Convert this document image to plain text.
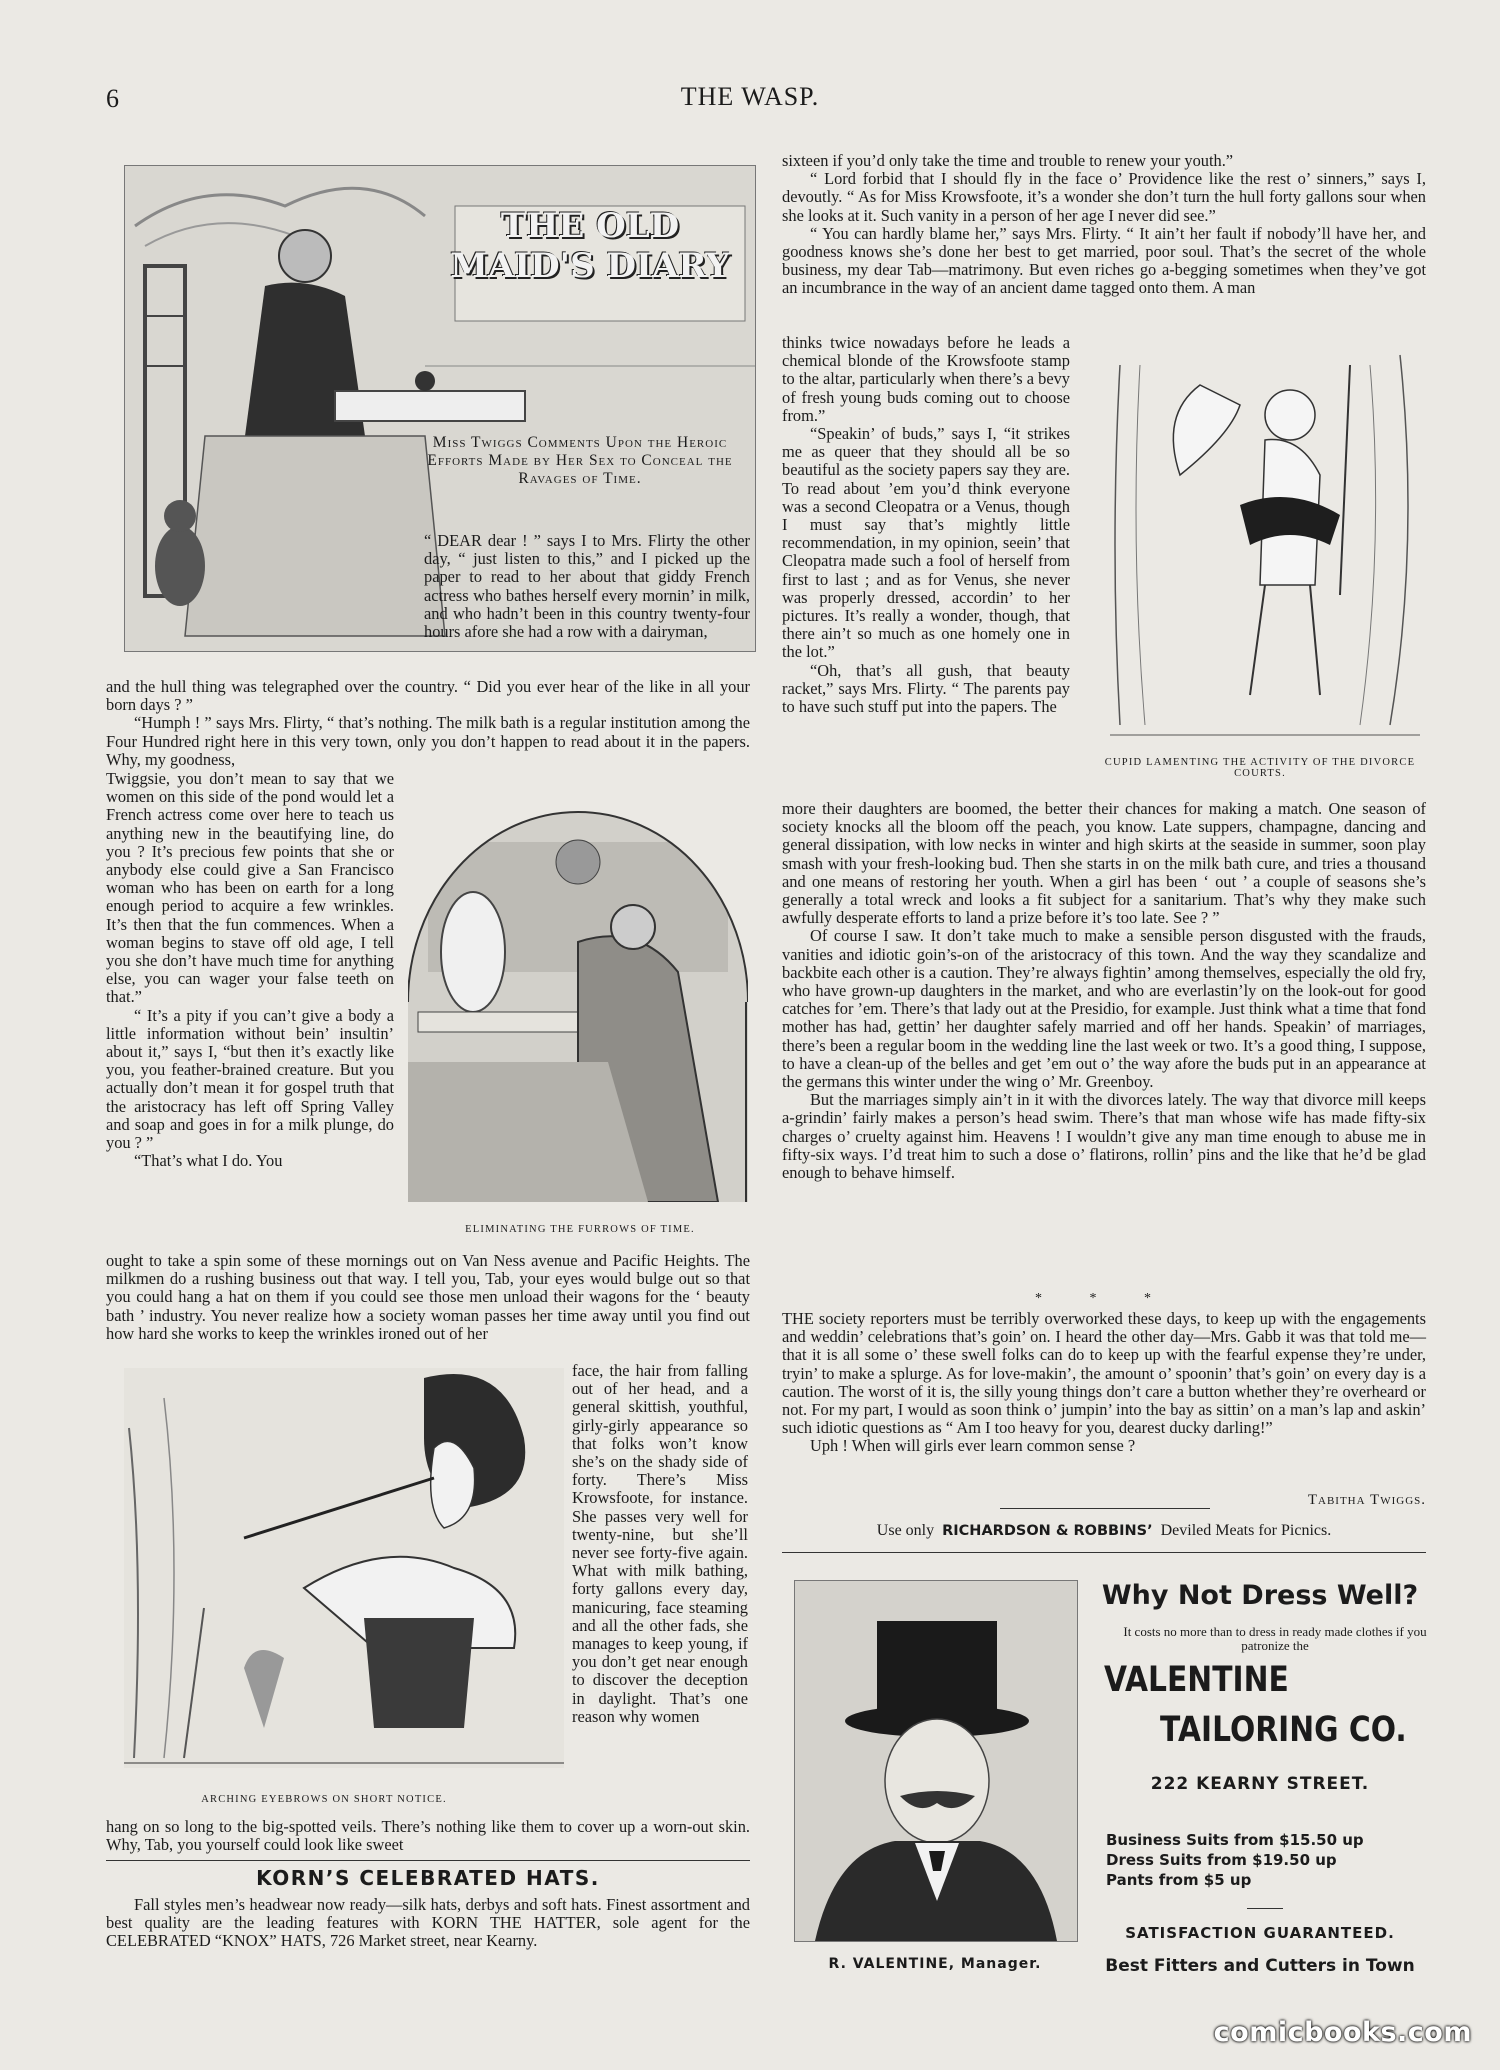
6	THE WASP.
THE OLD MAID'S DIARY
Miss Twiggs Comments Upon the Heroic Efforts Made by Her Sex to Conceal the Ravages of Time.

“ DEAR dear ! ” says I to Mrs. Flirty the other day, “ just listen to this,” and I picked up the paper to read to her about that giddy French actress who bathes herself every mornin’ in milk, and who hadn’t been in this country twenty-four hours afore she had a row with a dairyman,

and the hull thing was telegraphed over the country. “ Did you ever hear of the like in all your born days ? ”

“Humph ! ” says Mrs. Flirty, “ that’s nothing. The milk bath is a regular institution among the Four Hundred right here in this very town, only you don’t happen to read about it in the papers. Why, my goodness,

Twiggsie, you don’t mean to say that we women on this side of the pond would let a French actress come over here to teach us anything new in the beautifying line, do you ? It’s precious few points that she or anybody else could give a San Francisco woman who has been on earth for a long enough period to acquire a few wrinkles. It’s then that the fun commences. When a woman begins to stave off old age, I tell you she don’t have much time for anything else, you can wager your false teeth on that.”

“ It’s a pity if you can’t give a body a little information without bein’ insultin’ about it,” says I, “but then it’s exactly like you, you feather-brained creature. But you actually don’t mean it for gospel truth that the aristocracy has left off Spring Valley and soap and goes in for a milk plunge, do you ? ”

“That’s what I do. You

ELIMINATING THE FURROWS OF TIME.

ought to take a spin some of these mornings out on Van Ness avenue and Pacific Heights. The milkmen do a rushing business out that way. I tell you, Tab, your eyes would bulge out so that you could hang a hat on them if you could see those men unload their wagons for the ‘ beauty bath ’ industry. You never realize how a society woman passes her time away until you find out how hard she works to keep the wrinkles ironed out of her

ARCHING EYEBROWS ON SHORT NOTICE.

face, the hair from falling out of her head, and a general skittish, youthful, girly-girly appearance so that folks won’t know she’s on the shady side of forty. There’s Miss Krowsfoote, for instance. She passes very well for twenty-nine, but she’ll never see forty-five again. What with milk bathing, forty gallons every day, manicuring, face steaming and all the other fads, she manages to keep young, if you don’t get near enough to discover the deception in daylight. That’s one reason why women

hang on so long to the big-spotted veils. There’s nothing like them to cover up a worn-out skin. Why, Tab, you yourself could look like sweet

KORN’S CELEBRATED HATS.

Fall styles men’s headwear now ready—silk hats, derbys and soft hats. Finest assortment and best quality are the leading features with KORN THE HATTER, sole agent for the CELEBRATED “KNOX” HATS, 726 Market street, near Kearny.

sixteen if you’d only take the time and trouble to renew your youth.”

“ Lord forbid that I should fly in the face o’ Providence like the rest o’ sinners,” says I, devoutly. “ As for Miss Krowsfoote, it’s a wonder she don’t turn the hull forty gallons sour when she looks at it. Such vanity in a person of her age I never did see.”

“ You can hardly blame her,” says Mrs. Flirty. “ It ain’t her fault if nobody’ll have her, and goodness knows she’s done her best to get married, poor soul. That’s the secret of the whole business, my dear Tab—matrimony. But even riches go a-begging sometimes when they’ve got an incumbrance in the way of an ancient dame tagged onto them. A man

thinks twice nowadays before he leads a chemical blonde of the Krowsfoote stamp to the altar, particularly when there’s a bevy of fresh young buds coming out to choose from.”

“Speakin’ of buds,” says I, “it strikes me as queer that they should all be so beautiful as the society papers say they are. To read about ’em you’d think everyone was a second Cleopatra or a Venus, though I must say that’s mightly little recommendation, in my opinion, seein’ that Cleopatra made such a fool of herself from first to last ; and as for Venus, she never was properly dressed, accordin’ to her pictures. It’s really a wonder, though, that there ain’t so much as one homely one in the lot.”

“Oh, that’s all gush, that beauty racket,” says Mrs. Flirty. “ The parents pay to have such stuff put into the papers. The

CUPID LAMENTING THE ACTIVITY OF THE DIVORCE COURTS.

more their daughters are boomed, the better their chances for making a match. One season of society knocks all the bloom off the peach, you know. Late suppers, champagne, dancing and general dissipation, with low necks in winter and high skirts at the seaside in summer, soon play smash with your fresh-looking bud. Then she starts in on the milk bath cure, and tries a thousand and one means of restoring her youth. When a girl has been ‘ out ’ a couple of seasons she’s generally a total wreck and looks a fit subject for a sanitarium. That’s why they make such awfully desperate efforts to land a prize before it’s too late. See ? ”

Of course I saw. It don’t take much to make a sensible person disgusted with the frauds, vanities and idiotic goin’s-on of the aristocracy of this town. And the way they scandalize and backbite each other is a caution. They’re always fightin’ among themselves, especially the old fry, who have grown-up daughters in the market, and who are everlastin’ly on the look-out for good catches for ’em. There’s that lady out at the Presidio, for example. Just think what a time that fond mother has had, gettin’ her daughter safely married and off her hands. Speakin’ of marriages, there’s been a regular boom in the wedding line the last week or two. It’s a good thing, I suppose, to have a clean-up of the belles and get ’em out o’ the way afore the buds put in an appearance at the germans this winter under the wing o’ Mr. Greenboy.

But the marriages simply ain’t in it with the divorces lately. The way that divorce mill keeps a-grindin’ fairly makes a person’s head swim. There’s that man whose wife has made fifty-six charges o’ cruelty against him. Heavens ! I wouldn’t give any man time enough to abuse me in fifty-six ways. I’d treat him to such a dose o’ flatirons, rollin’ pins and the like that he’d be glad enough to behave himself.

* * *

THE society reporters must be terribly overworked these days, to keep up with the engagements and weddin’ celebrations that’s goin’ on. I heard the other day—Mrs. Gabb it was that told me—that it is all some o’ these swell folks can do to keep up with the fearful expense they’re under, tryin’ to make a splurge. As for love-makin’, the amount o’ spoonin’ that’s goin’ on every day is a caution. The worst of it is, the silly young things don’t care a button whether they’re overheard or not. For my part, I would as soon think o’ jumpin’ into the bay as sittin’ on a man’s lap and askin’ such idiotic questions as “ Am I too heavy for you, dearest ducky darling!”

Uph ! When will girls ever learn common sense ?

Tabitha Twiggs.
Use only RICHARDSON & ROBBINS’ Deviled Meats for Picnics.
R. VALENTINE, Manager.
Why Not Dress Well?
It costs no more than to dress in ready made clothes if you patronize the
VALENTINE
TAILORING CO.
222 KEARNY STREET.
Business Suits from $15.50 up
Dress Suits from $19.50 up
Pants from $5 up
SATISFACTION GUARANTEED.
Best Fitters and Cutters in Town
comicbooks.com
